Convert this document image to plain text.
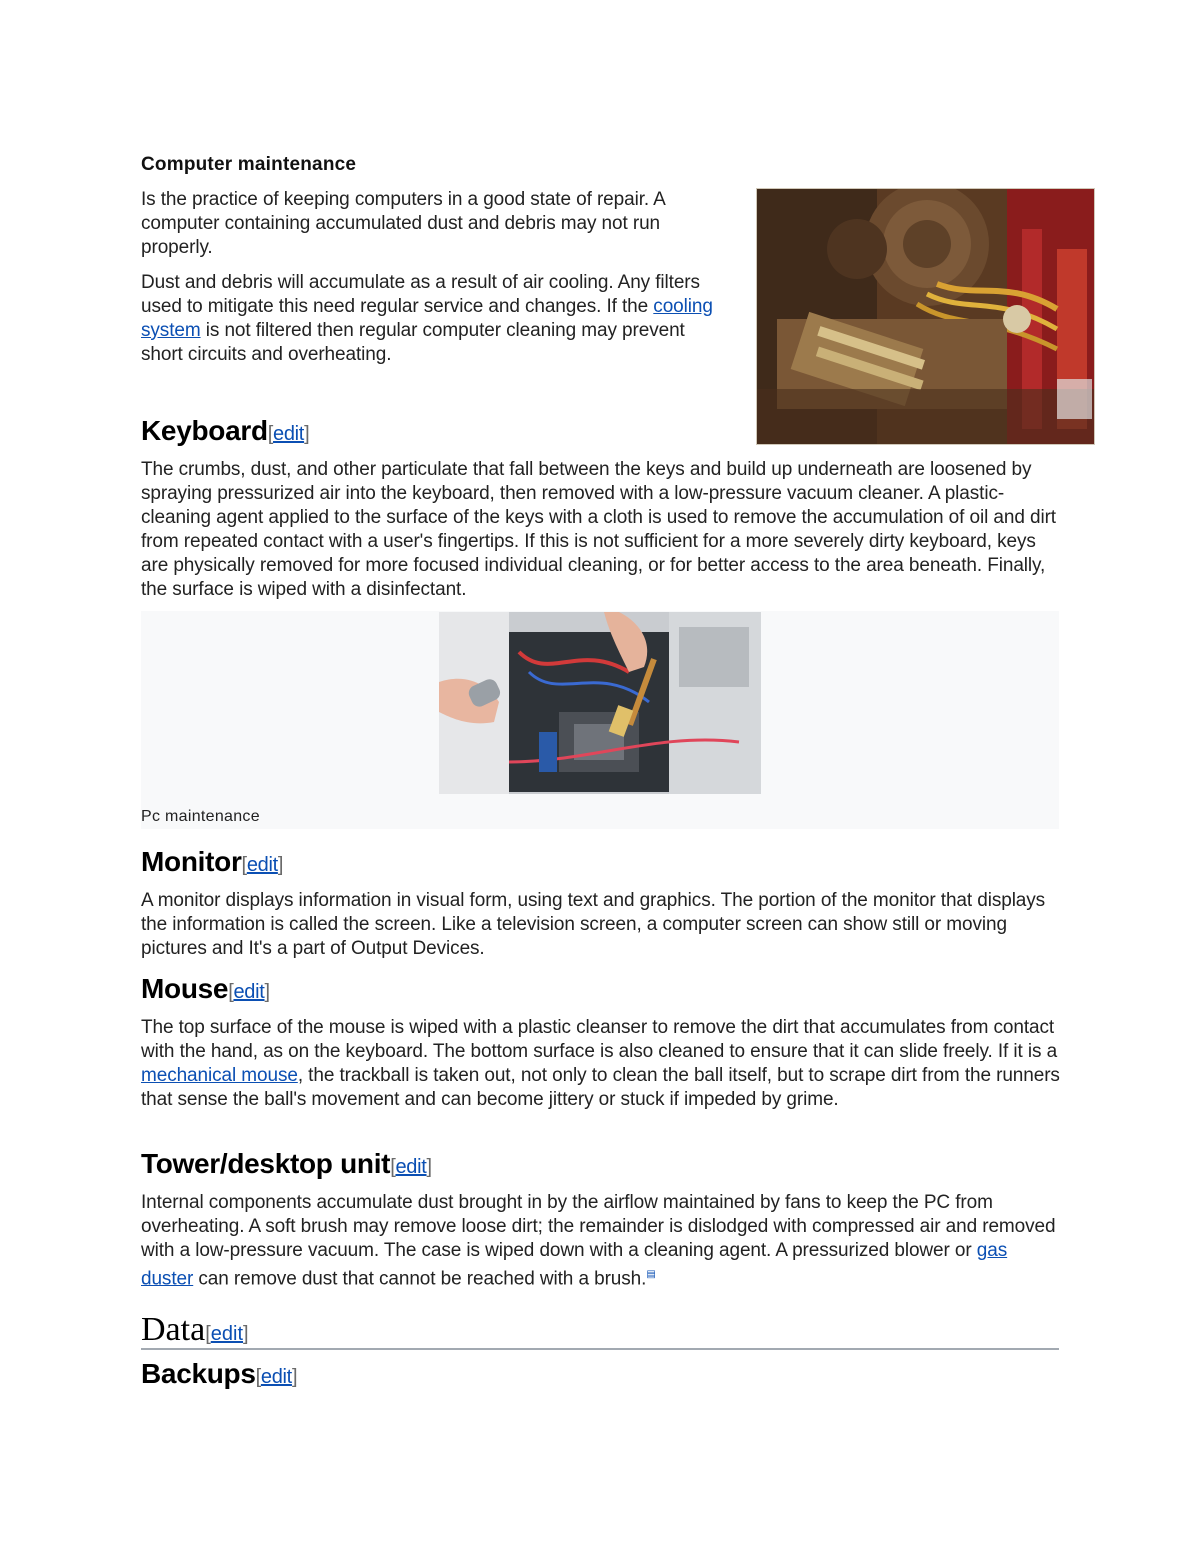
Computer maintenance

Is the practice of keeping computers in a good state of repair. A computer containing accumulated dust and debris may not run properly.

Dust and debris will accumulate as a result of air cooling. Any filters used to mitigate this need regular service and changes. If the cooling system is not filtered then regular computer cleaning may prevent short circuits and overheating.

Keyboard[edit]

The crumbs, dust, and other particulate that fall between the keys and build up underneath are loosened by spraying pressurized air into the keyboard, then removed with a low-pressure vacuum cleaner. A plastic-cleaning agent applied to the surface of the keys with a cloth is used to remove the accumulation of oil and dirt from repeated contact with a user's fingertips. If this is not sufficient for a more severely dirty keyboard, keys are physically removed for more focused individual cleaning, or for better access to the area beneath. Finally, the surface is wiped with a disinfectant.

Pc maintenance
Monitor[edit]

A monitor displays information in visual form, using text and graphics. The portion of the monitor that displays the information is called the screen. Like a television screen, a computer screen can show still or moving pictures and It's a part of Output Devices.

Mouse[edit]

The top surface of the mouse is wiped with a plastic cleanser to remove the dirt that accumulates from contact with the hand, as on the keyboard. The bottom surface is also cleaned to ensure that it can slide freely. If it is a mechanical mouse, the trackball is taken out, not only to clean the ball itself, but to scrape dirt from the runners that sense the ball's movement and can become jittery or stuck if impeded by grime.

Tower/desktop unit[edit]

Internal components accumulate dust brought in by the airflow maintained by fans to keep the PC from overheating. A soft brush may remove loose dirt; the remainder is dislodged with compressed air and removed with a low-pressure vacuum. The case is wiped down with a cleaning agent. A pressurized blower or gas duster can remove dust that cannot be reached with a brush.▤

Data[edit]
Backups[edit]
